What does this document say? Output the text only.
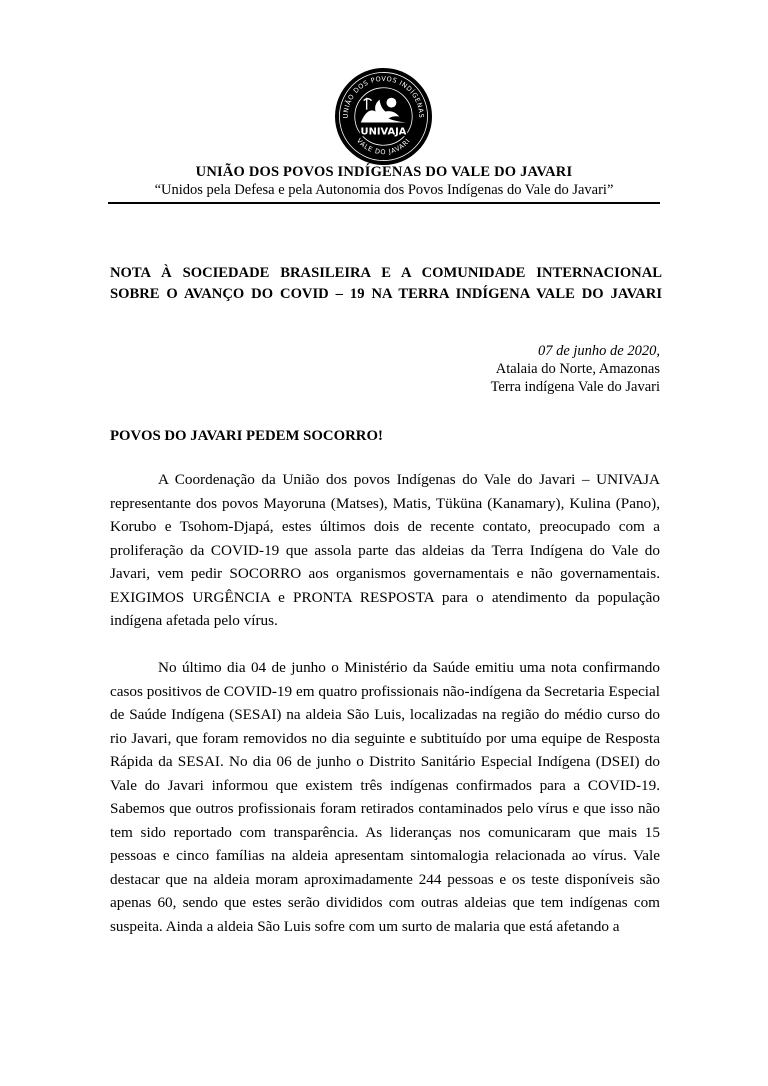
UNIÃO DOS POVOS INDÍGENAS
VALE DO JAVARI
UNIVAJA
UNIÃO DOS POVOS INDÍGENAS DO VALE DO JAVARI
“Unidos pela Defesa e pela Autonomia dos Povos Indígenas do Vale do Javari”
NOTA À SOCIEDADE BRASILEIRA E A COMUNIDADE INTERNACIONAL
SOBRE O AVANÇO DO COVID – 19 NA TERRA INDÍGENA VALE DO JAVARI
07 de junho de 2020,
Atalaia do Norte, Amazonas
Terra indígena Vale do Javari
POVOS DO JAVARI PEDEM SOCORRO!

A Coordenação da União dos povos Indígenas do Vale do Javari – UNIVAJA representante dos povos Mayoruna (Matses), Matis, Tüküna (Kanamary), Kulina (Pano), Korubo e Tsohom-Djapá, estes últimos dois de recente contato, preocupado com a proliferação da COVID-19 que assola parte das aldeias da Terra Indígena do Vale do Javari, vem pedir SOCORRO aos organismos governamentais e não governamentais. EXIGIMOS URGÊNCIA e PRONTA RESPOSTA para o atendimento da população indígena afetada pelo vírus.

No último dia 04 de junho o Ministério da Saúde emitiu uma nota confirmando casos positivos de COVID-19 em quatro profissionais não-indígena da Secretaria Especial de Saúde Indígena (SESAI) na aldeia São Luis, localizadas na região do médio curso do rio Javari, que foram removidos no dia seguinte e subtituído por uma equipe de Resposta Rápida da SESAI. No dia 06 de junho o Distrito Sanitário Especial Indígena (DSEI) do Vale do Javari informou que existem três indígenas confirmados para a COVID-19. Sabemos que outros profissionais foram retirados contaminados pelo vírus e que isso não tem sido reportado com transparência. As lideranças nos comunicaram que mais 15 pessoas e cinco famílias na aldeia apresentam sintomalogia relacionada ao vírus. Vale destacar que na aldeia moram aproximadamente 244 pessoas e os teste disponíveis são apenas 60, sendo que estes serão divididos com outras aldeias que tem indígenas com suspeita. Ainda a aldeia São Luis sofre com um surto de malaria que está afetando a
